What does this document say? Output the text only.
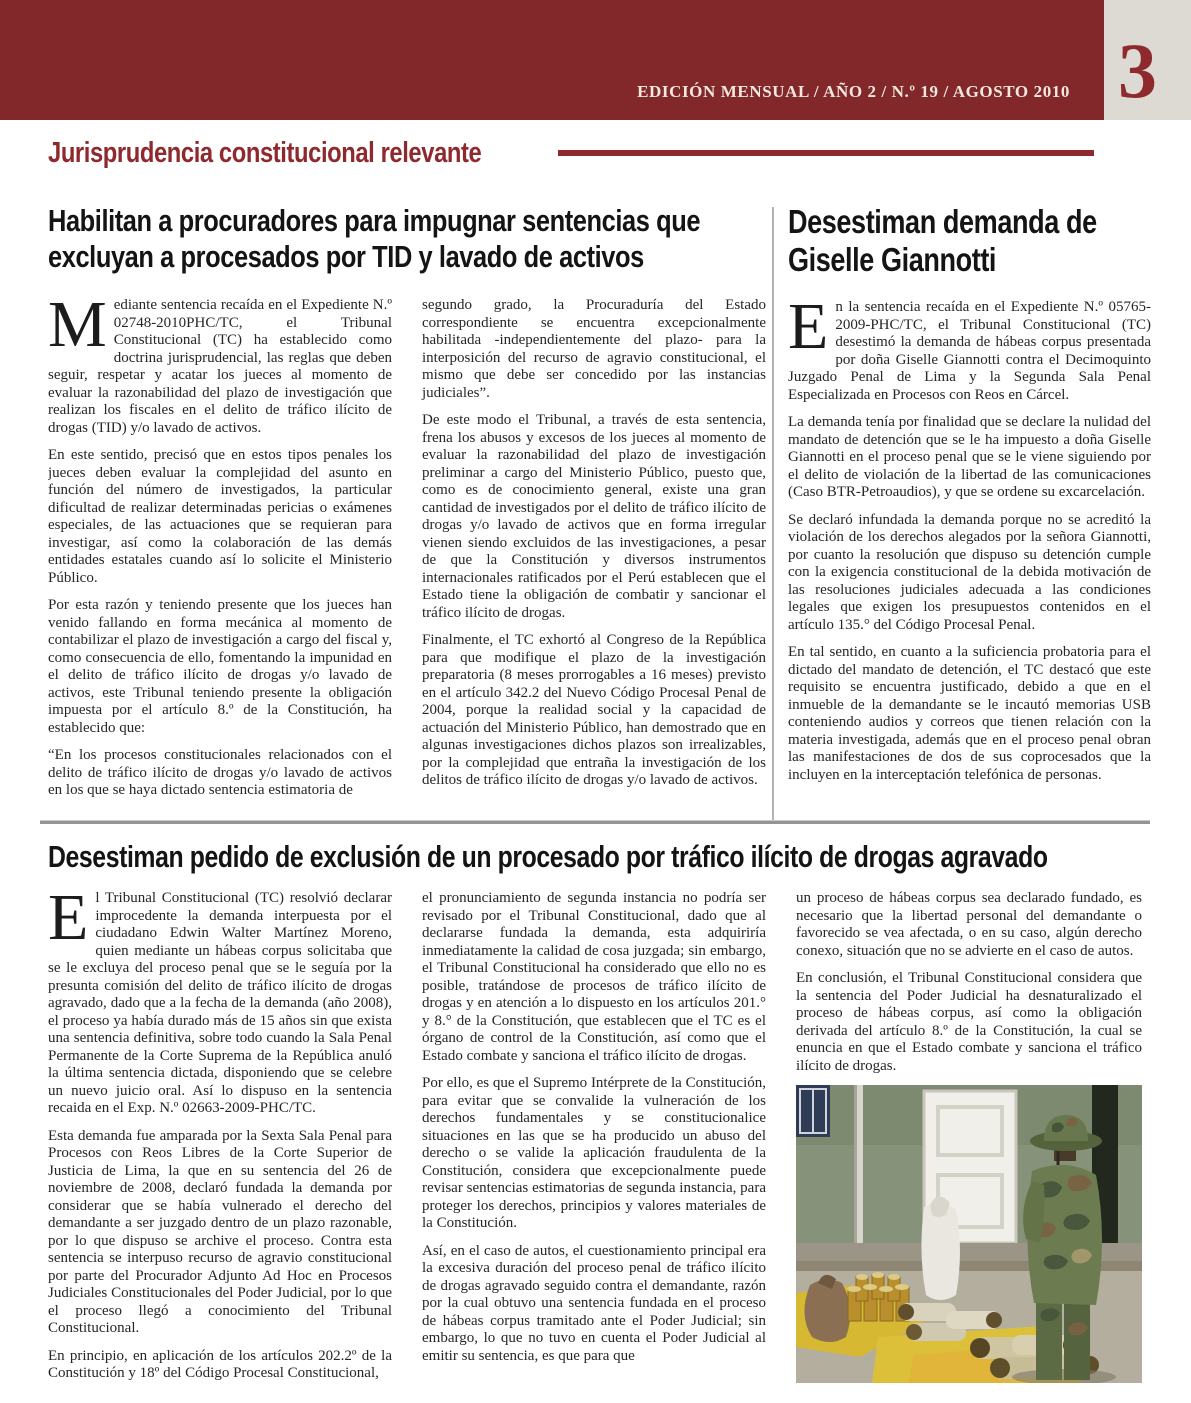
EDICIÓN MENSUAL / AÑO 2 / N.º 19 / AGOSTO 2010 3
Jurisprudencia constitucional relevante
Habilitan a procuradores para impugnar sentencias que
excluyan a procesados por TID y lavado de activos

Mediante sentencia recaída en el Expediente N.º 02748-2010PHC/TC, el Tribunal Constitucional (TC) ha establecido como doctrina jurisprudencial, las reglas que deben seguir, respetar y acatar los jueces al momento de evaluar la razonabilidad del plazo de investigación que realizan los fiscales en el delito de tráfico ilícito de drogas (TID) y/o lavado de activos.

En este sentido, precisó que en estos tipos penales los jueces deben evaluar la complejidad del asunto en función del número de investigados, la particular dificultad de realizar determinadas pericias o exámenes especiales, de las actuaciones que se requieran para investigar, así como la colaboración de las demás entidades estatales cuando así lo solicite el Ministerio Público.

Por esta razón y teniendo presente que los jueces han venido fallando en forma mecánica al momento de contabilizar el plazo de investigación a cargo del fiscal y, como consecuencia de ello, fomentando la impunidad en el delito de tráfico ilícito de drogas y/o lavado de activos, este Tribunal teniendo presente la obligación impuesta por el artículo 8.º de la Constitución, ha establecido que:

“En los procesos constitucionales relacionados con el delito de tráfico ilícito de drogas y/o lavado de activos en los que se haya dictado sentencia estimatoria de

segundo grado, la Procuraduría del Estado correspondiente se encuentra excepcionalmente habilitada -independientemente del plazo- para la interposición del recurso de agravio constitucional, el mismo que debe ser concedido por las instancias judiciales”.

De este modo el Tribunal, a través de esta sentencia, frena los abusos y excesos de los jueces al momento de evaluar la razonabilidad del plazo de investigación preliminar a cargo del Ministerio Público, puesto que, como es de conocimiento general, existe una gran cantidad de investigados por el delito de tráfico ilícito de drogas y/o lavado de activos que en forma irregular vienen siendo excluidos de las investigaciones, a pesar de que la Constitución y diversos instrumentos internacionales ratificados por el Perú establecen que el Estado tiene la obligación de combatir y sancionar el tráfico ilícito de drogas.

Finalmente, el TC exhortó al Congreso de la República para que modifique el plazo de la investigación preparatoria (8 meses prorrogables a 16 meses) previsto en el artículo 342.2 del Nuevo Código Procesal Penal de 2004, porque la realidad social y la capacidad de actuación del Ministerio Público, han demostrado que en algunas investigaciones dichos plazos son irrealizables, por la complejidad que entraña la investigación de los delitos de tráfico ilícito de drogas y/o lavado de activos.

Desestiman demanda de
Giselle Giannotti

En la sentencia recaída en el Expediente N.º 05765-2009-PHC/TC, el Tribunal Constitucional (TC) desestimó la demanda de hábeas corpus presentada por doña Giselle Giannotti contra el Decimoquinto Juzgado Penal de Lima y la Segunda Sala Penal Especializada en Procesos con Reos en Cárcel.

La demanda tenía por finalidad que se declare la nulidad del mandato de detención que se le ha impuesto a doña Giselle Giannotti en el proceso penal que se le viene siguiendo por el delito de violación de la libertad de las comunicaciones (Caso BTR-Petroaudios), y que se ordene su excarcelación.

Se declaró infundada la demanda porque no se acreditó la violación de los derechos alegados por la señora Giannotti, por cuanto la resolución que dispuso su detención cumple con la exigencia constitucional de la debida motivación de las resoluciones judiciales adecuada a las condiciones legales que exigen los presupuestos contenidos en el artículo 135.° del Código Procesal Penal.

En tal sentido, en cuanto a la suficiencia probatoria para el dictado del mandato de detención, el TC destacó que este requisito se encuentra justificado, debido a que en el inmueble de la demandante se le incautó memorias USB conteniendo audios y correos que tienen relación con la materia investigada, además que en el proceso penal obran las manifestaciones de dos de sus coprocesados que la incluyen en la interceptación telefónica de personas.

Desestiman pedido de exclusión de un procesado por tráfico ilícito de drogas agravado

El Tribunal Constitucional (TC) resolvió declarar improcedente la demanda interpuesta por el ciudadano Edwin Walter Martínez Moreno, quien mediante un hábeas corpus solicitaba que se le excluya del proceso penal que se le seguía por la presunta comisión del delito de tráfico ilícito de drogas agravado, dado que a la fecha de la demanda (año 2008), el proceso ya había durado más de 15 años sin que exista una sentencia definitiva, sobre todo cuando la Sala Penal Permanente de la Corte Suprema de la República anuló la última sentencia dictada, disponiendo que se celebre un nuevo juicio oral. Así lo dispuso en la sentencia recaida en el Exp. N.º 02663-2009-PHC/TC.

Esta demanda fue amparada por la Sexta Sala Penal para Procesos con Reos Libres de la Corte Superior de Justicia de Lima, la que en su sentencia del 26 de noviembre de 2008, declaró fundada la demanda por considerar que se había vulnerado el derecho del demandante a ser juzgado dentro de un plazo razonable, por lo que dispuso se archive el proceso. Contra esta sentencia se interpuso recurso de agravio constitucional por parte del Procurador Adjunto Ad Hoc en Procesos Judiciales Constitucionales del Poder Judicial, por lo que el proceso llegó a conocimiento del Tribunal Constitucional.

En principio, en aplicación de los artículos 202.2º de la Constitución y 18º del Código Procesal Constitucional,

el pronunciamiento de segunda instancia no podría ser revisado por el Tribunal Constitucional, dado que al declararse fundada la demanda, esta adquiriría inmediatamente la calidad de cosa juzgada; sin embargo, el Tribunal Constitucional ha considerado que ello no es posible, tratándose de procesos de tráfico ilícito de drogas y en atención a lo dispuesto en los artículos 201.° y 8.° de la Constitución, que establecen que el TC es el órgano de control de la Constitución, así como que el Estado combate y sanciona el tráfico ilícito de drogas.

Por ello, es que el Supremo Intérprete de la Constitución, para evitar que se convalide la vulneración de los derechos fundamentales y se constitucionalice situaciones en las que se ha producido un abuso del derecho o se valide la aplicación fraudulenta de la Constitución, considera que excepcionalmente puede revisar sentencias estimatorias de segunda instancia, para proteger los derechos, principios y valores materiales de la Constitución.

Así, en el caso de autos, el cuestionamiento principal era la excesiva duración del proceso penal de tráfico ilícito de drogas agravado seguido contra el demandante, razón por la cual obtuvo una sentencia fundada en el proceso de hábeas corpus tramitado ante el Poder Judicial; sin embargo, lo que no tuvo en cuenta el Poder Judicial al emitir su sentencia, es que para que

un proceso de hábeas corpus sea declarado fundado, es necesario que la libertad personal del demandante o favorecido se vea afectada, o en su caso, algún derecho conexo, situación que no se advierte en el caso de autos.

En conclusión, el Tribunal Constitucional considera que la sentencia del Poder Judicial ha desnaturalizado el proceso de hábeas corpus, así como la obligación derivada del artículo 8.º de la Constitución, la cual se enuncia en que el Estado combate y sanciona el tráfico ilícito de drogas.
